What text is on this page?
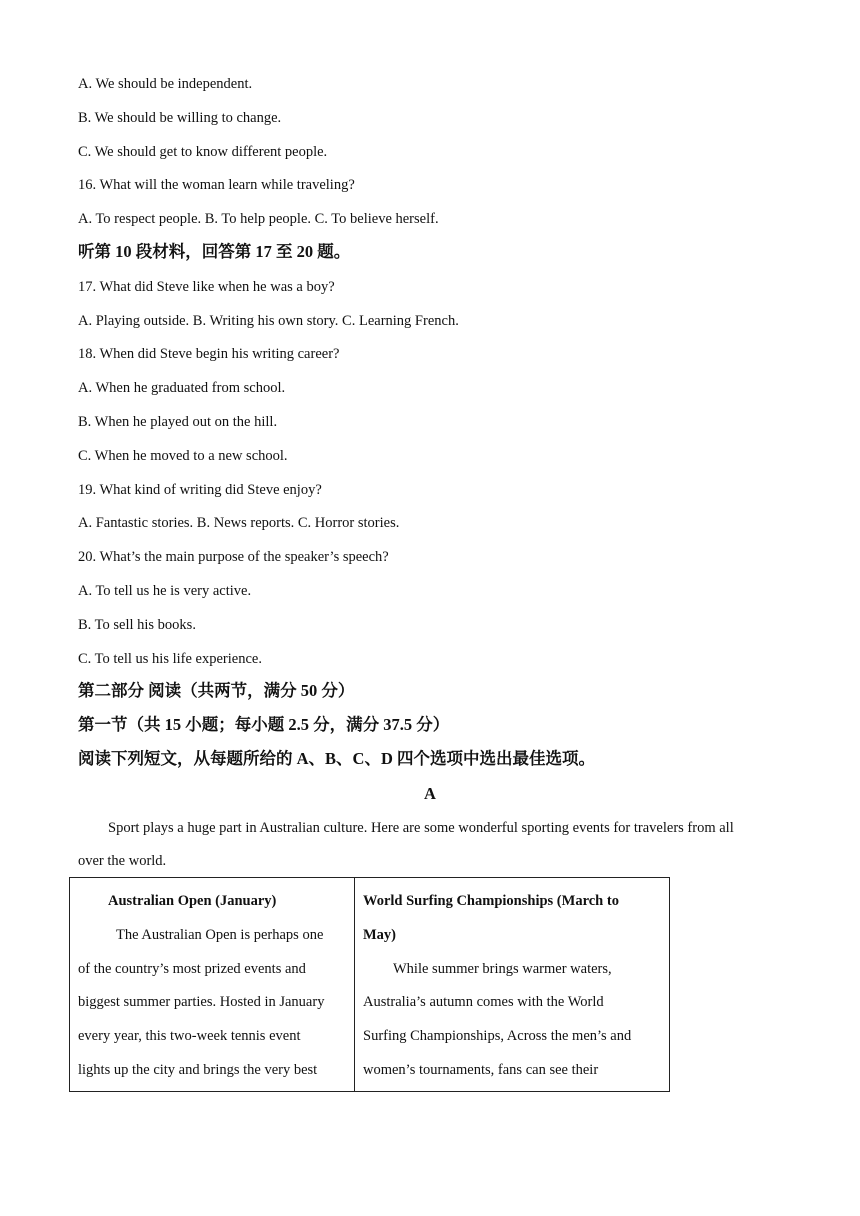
A. We should be independent.
B. We should be willing to change.
C. We should get to know different people.
16. What will the woman learn while traveling?
A. To respect people. B. To help people. C. To believe herself.
听第 10 段材料，回答第 17 至 20 题。
17. What did Steve like when he was a boy?
A. Playing outside. B. Writing his own story. C. Learning French.
18. When did Steve begin his writing career?
A. When he graduated from school.
B. When he played out on the hill.
C. When he moved to a new school.
19. What kind of writing did Steve enjoy?
A. Fantastic stories. B. News reports. C. Horror stories.
20. What’s the main purpose of the speaker’s speech?
A. To tell us he is very active.
B. To sell his books.
C. To tell us his life experience.
第二部分 阅读（共两节，满分 50 分）
第一节（共 15 小题；每小题 2.5 分，满分 37.5 分）
阅读下列短文，从每题所给的 A、B、C、D 四个选项中选出最佳选项。
A
Sport plays a huge part in Australian culture. Here are some wonderful sporting events for travelers from all
over the world.
Australian Open (January)
The Australian Open is perhaps one
of the country’s most prized events and
biggest summer parties. Hosted in January
every year, this two-week tennis event
lights up the city and brings the very best

World Surfing Championships (March to
May)
While summer brings warmer waters,
Australia’s autumn comes with the World
Surfing Championships, Across the men’s and
women’s tournaments, fans can see their
